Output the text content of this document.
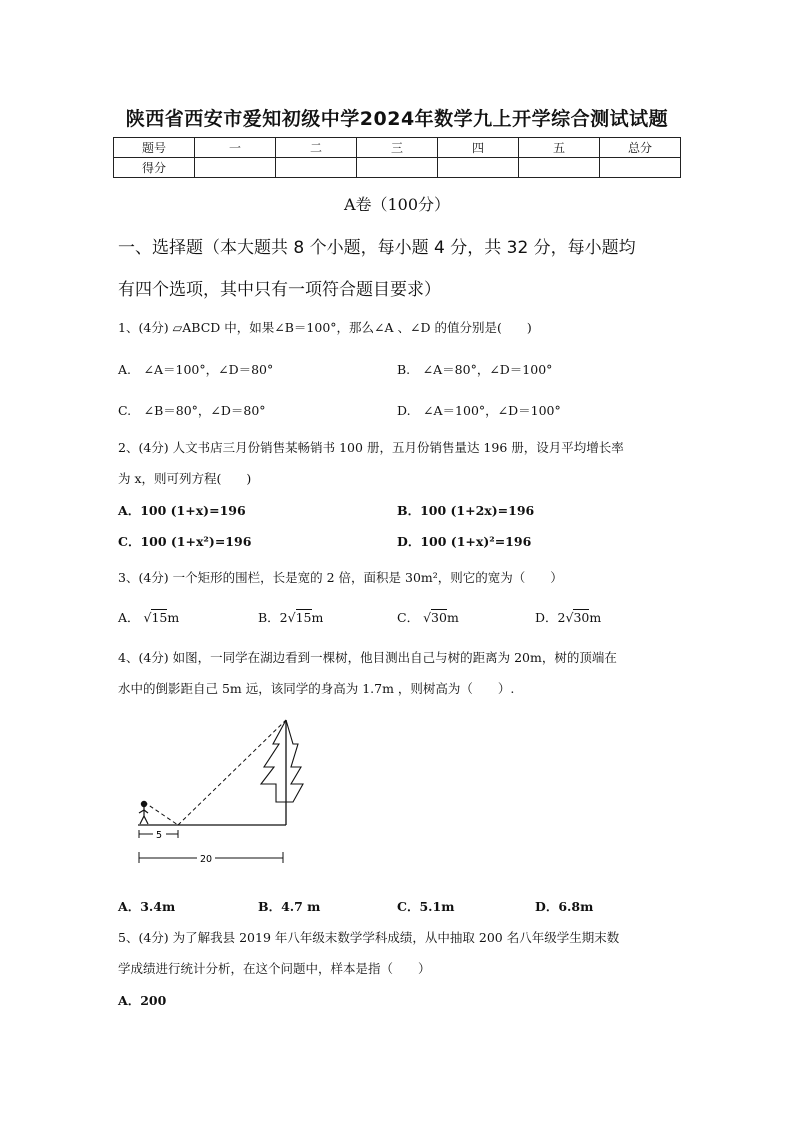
陕西省西安市爱知初级中学2024年数学九上开学综合测试试题
题号	一	二	三	四	五	总分
得分						
A卷（100分）
一、选择题（本大题共 8 个小题，每小题 4 分，共 32 分，每小题均
有四个选项，其中只有一项符合题目要求）
1、(4分) ▱ABCD 中，如果∠B＝100°，那么∠A 、∠D 的值分别是(　　)
A.　∠A＝100°，∠D＝80°	B.　∠A＝80°，∠D＝100°
C.　∠B＝80°，∠D＝80°	D.　∠A＝100°，∠D＝100°
2、(4分) 人文书店三月份销售某畅销书 100 册，五月份销售量达 196 册，设月平均增长率
为 x，则可列方程(　　)
A．100 (1+x)=196	B．100 (1+2x)=196
C．100 (1+x²)=196	D．100 (1+x)²=196
3、(4分) 一个矩形的围栏，长是宽的 2 倍，面积是 30m²，则它的宽为（　　）
A． √15m	B．2√15m	C． √30m	D．2√30m
4、(4分) 如图，一同学在湖边看到一棵树，他目测出自己与树的距离为 20m，树的顶端在
水中的倒影距自己 5m 远，该同学的身高为 1.7m ，则树高为（　　）.
5
20
A．3.4m	B．4.7 m	C．5.1m	D．6.8m
5、(4分) 为了解我县 2019 年八年级末数学学科成绩，从中抽取 200 名八年级学生期末数
学成绩进行统计分析，在这个问题中，样本是指（　　）
A．200
